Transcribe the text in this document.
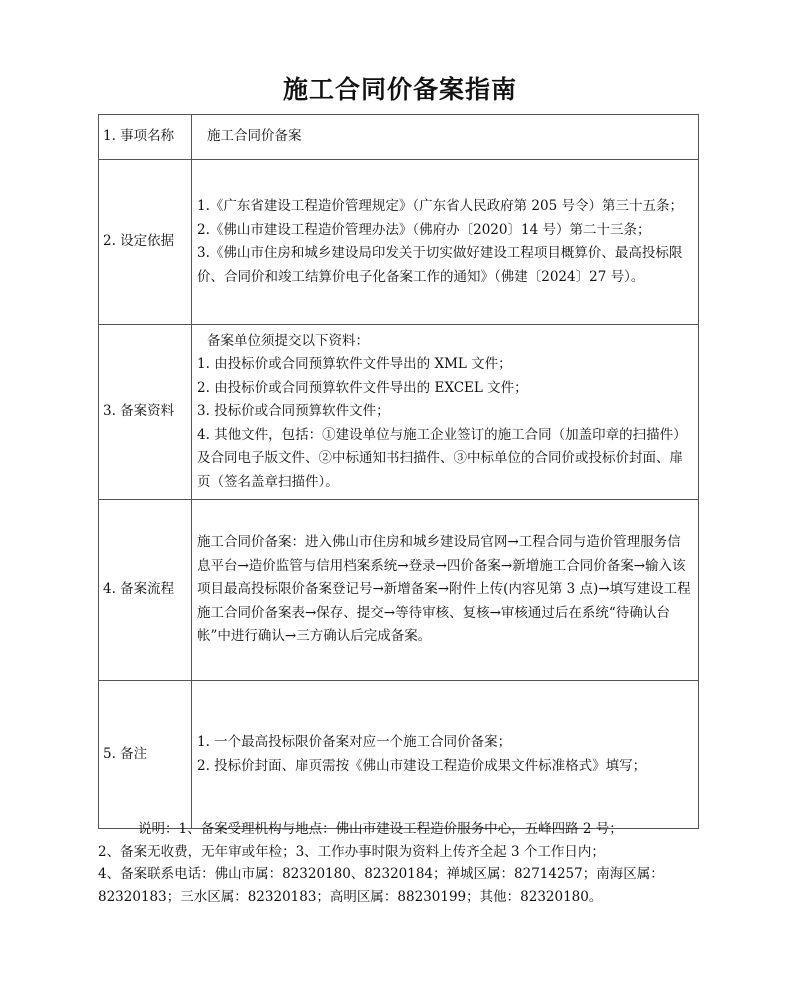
施工合同价备案指南
1. 事项名称	施工合同价备案
2. 设定依据	1.《广东省建设工程造价管理规定》（广东省人民政府第 205 号令）第三十五条；
2.《佛山市建设工程造价管理办法》（佛府办〔2020〕14 号）第二十三条；
3.《佛山市住房和城乡建设局印发关于切实做好建设工程项目概算价、最高投标限价、合同价和竣工结算价电子化备案工作的通知》（佛建〔2024〕27 号）。

3. 备案资料	备案单位须提交以下资料：
1. 由投标价或合同预算软件文件导出的 XML 文件；
2. 由投标价或合同预算软件文件导出的 EXCEL 文件；
3. 投标价或合同预算软件文件；
4. 其他文件，包括：①建设单位与施工企业签订的施工合同（加盖印章的扫描件）及合同电子版文件、②中标通知书扫描件、③中标单位的合同价或投标价封面、扉页（签名盖章扫描件）。

4. 备案流程	施工合同价备案：进入佛山市住房和城乡建设局官网→工程合同与造价管理服务信息平台→造价监管与信用档案系统→登录→四价备案→新增施工合同价备案→输入该项目最高投标限价备案登记号→新增备案→附件上传(内容见第 3 点)→填写建设工程施工合同价备案表→保存、提交→等待审核、复核→审核通过后在系统“待确认台帐”中进行确认→三方确认后完成备案。
5. 备注	1. 一个最高投标限价备案对应一个施工合同价备案；
2. 投标价封面、扉页需按《佛山市建设工程造价成果文件标准格式》填写；
说明：1、备案受理机构与地点：佛山市建设工程造价服务中心，五峰四路 2 号；
2、备案无收费，无年审或年检；3、工作办事时限为资料上传齐全起 3 个工作日内；
4、备案联系电话：佛山市属：82320180、82320184；禅城区属：82714257；南海区属：82320183；三水区属：82320183；高明区属：88230199；其他：82320180。
